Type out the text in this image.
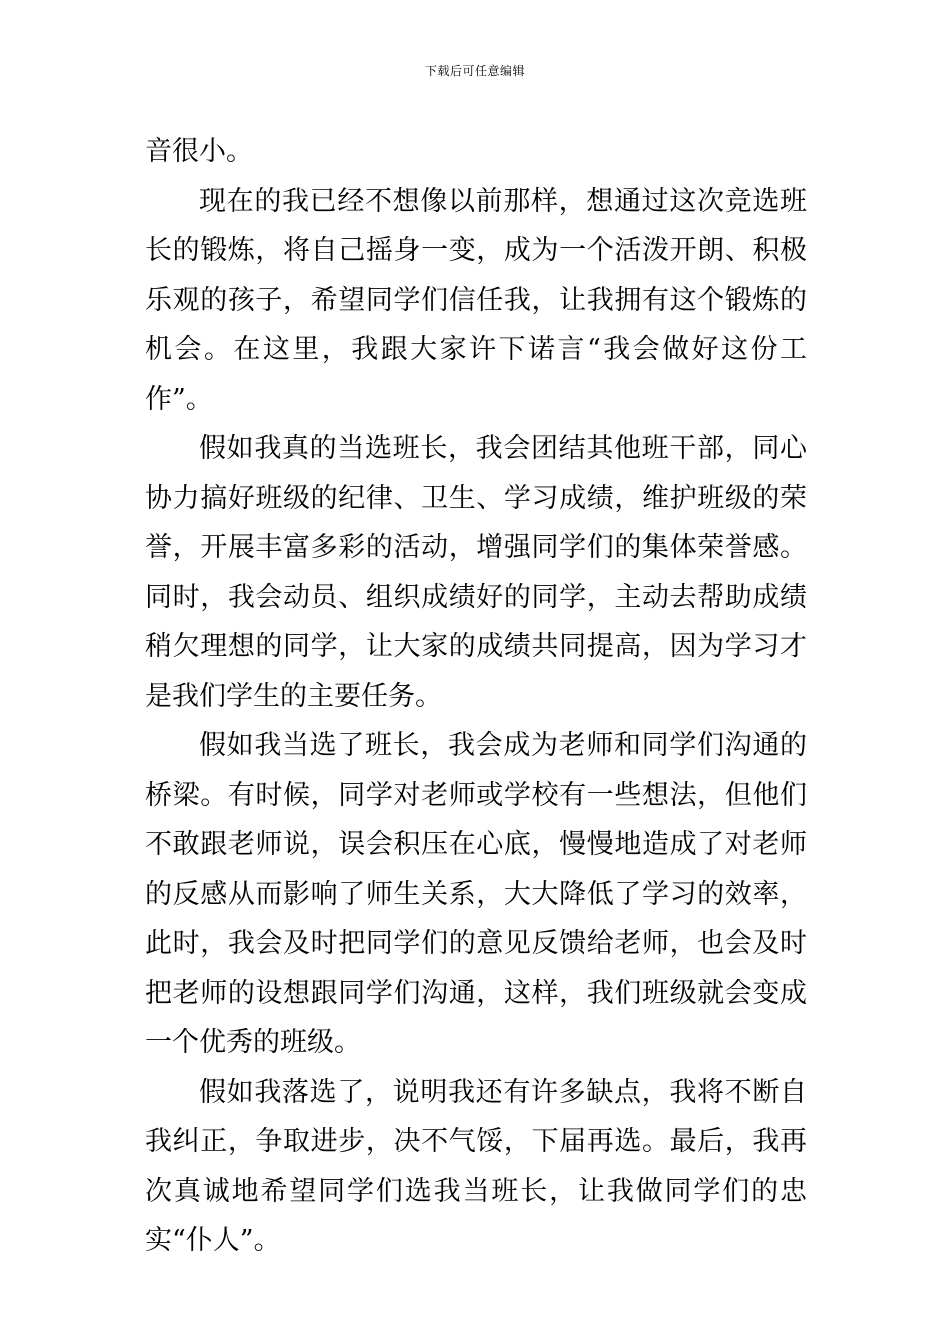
下载后可任意编辑

音很小。

现在的我已经不想像以前那样，想通过这次竞选班长的锻炼，将自己摇身一变，成为一个活泼开朗、积极乐观的孩子，希望同学们信任我，让我拥有这个锻炼的机会。在这里，我跟大家许下诺言“我会做好这份工作”。

假如我真的当选班长，我会团结其他班干部，同心协力搞好班级的纪律、卫生、学习成绩，维护班级的荣誉，开展丰富多彩的活动，增强同学们的集体荣誉感。同时，我会动员、组织成绩好的同学，主动去帮助成绩稍欠理想的同学，让大家的成绩共同提高，因为学习才是我们学生的主要任务。

假如我当选了班长，我会成为老师和同学们沟通的桥梁。有时候，同学对老师或学校有一些想法，但他们不敢跟老师说，误会积压在心底，慢慢地造成了对老师的反感从而影响了师生关系，大大降低了学习的效率，此时，我会及时把同学们的意见反馈给老师，也会及时把老师的设想跟同学们沟通，这样，我们班级就会变成一个优秀的班级。

假如我落选了，说明我还有许多缺点，我将不断自我纠正，争取进步，决不气馁，下届再选。最后，我再次真诚地希望同学们选我当班长，让我做同学们的忠实“仆人”。
